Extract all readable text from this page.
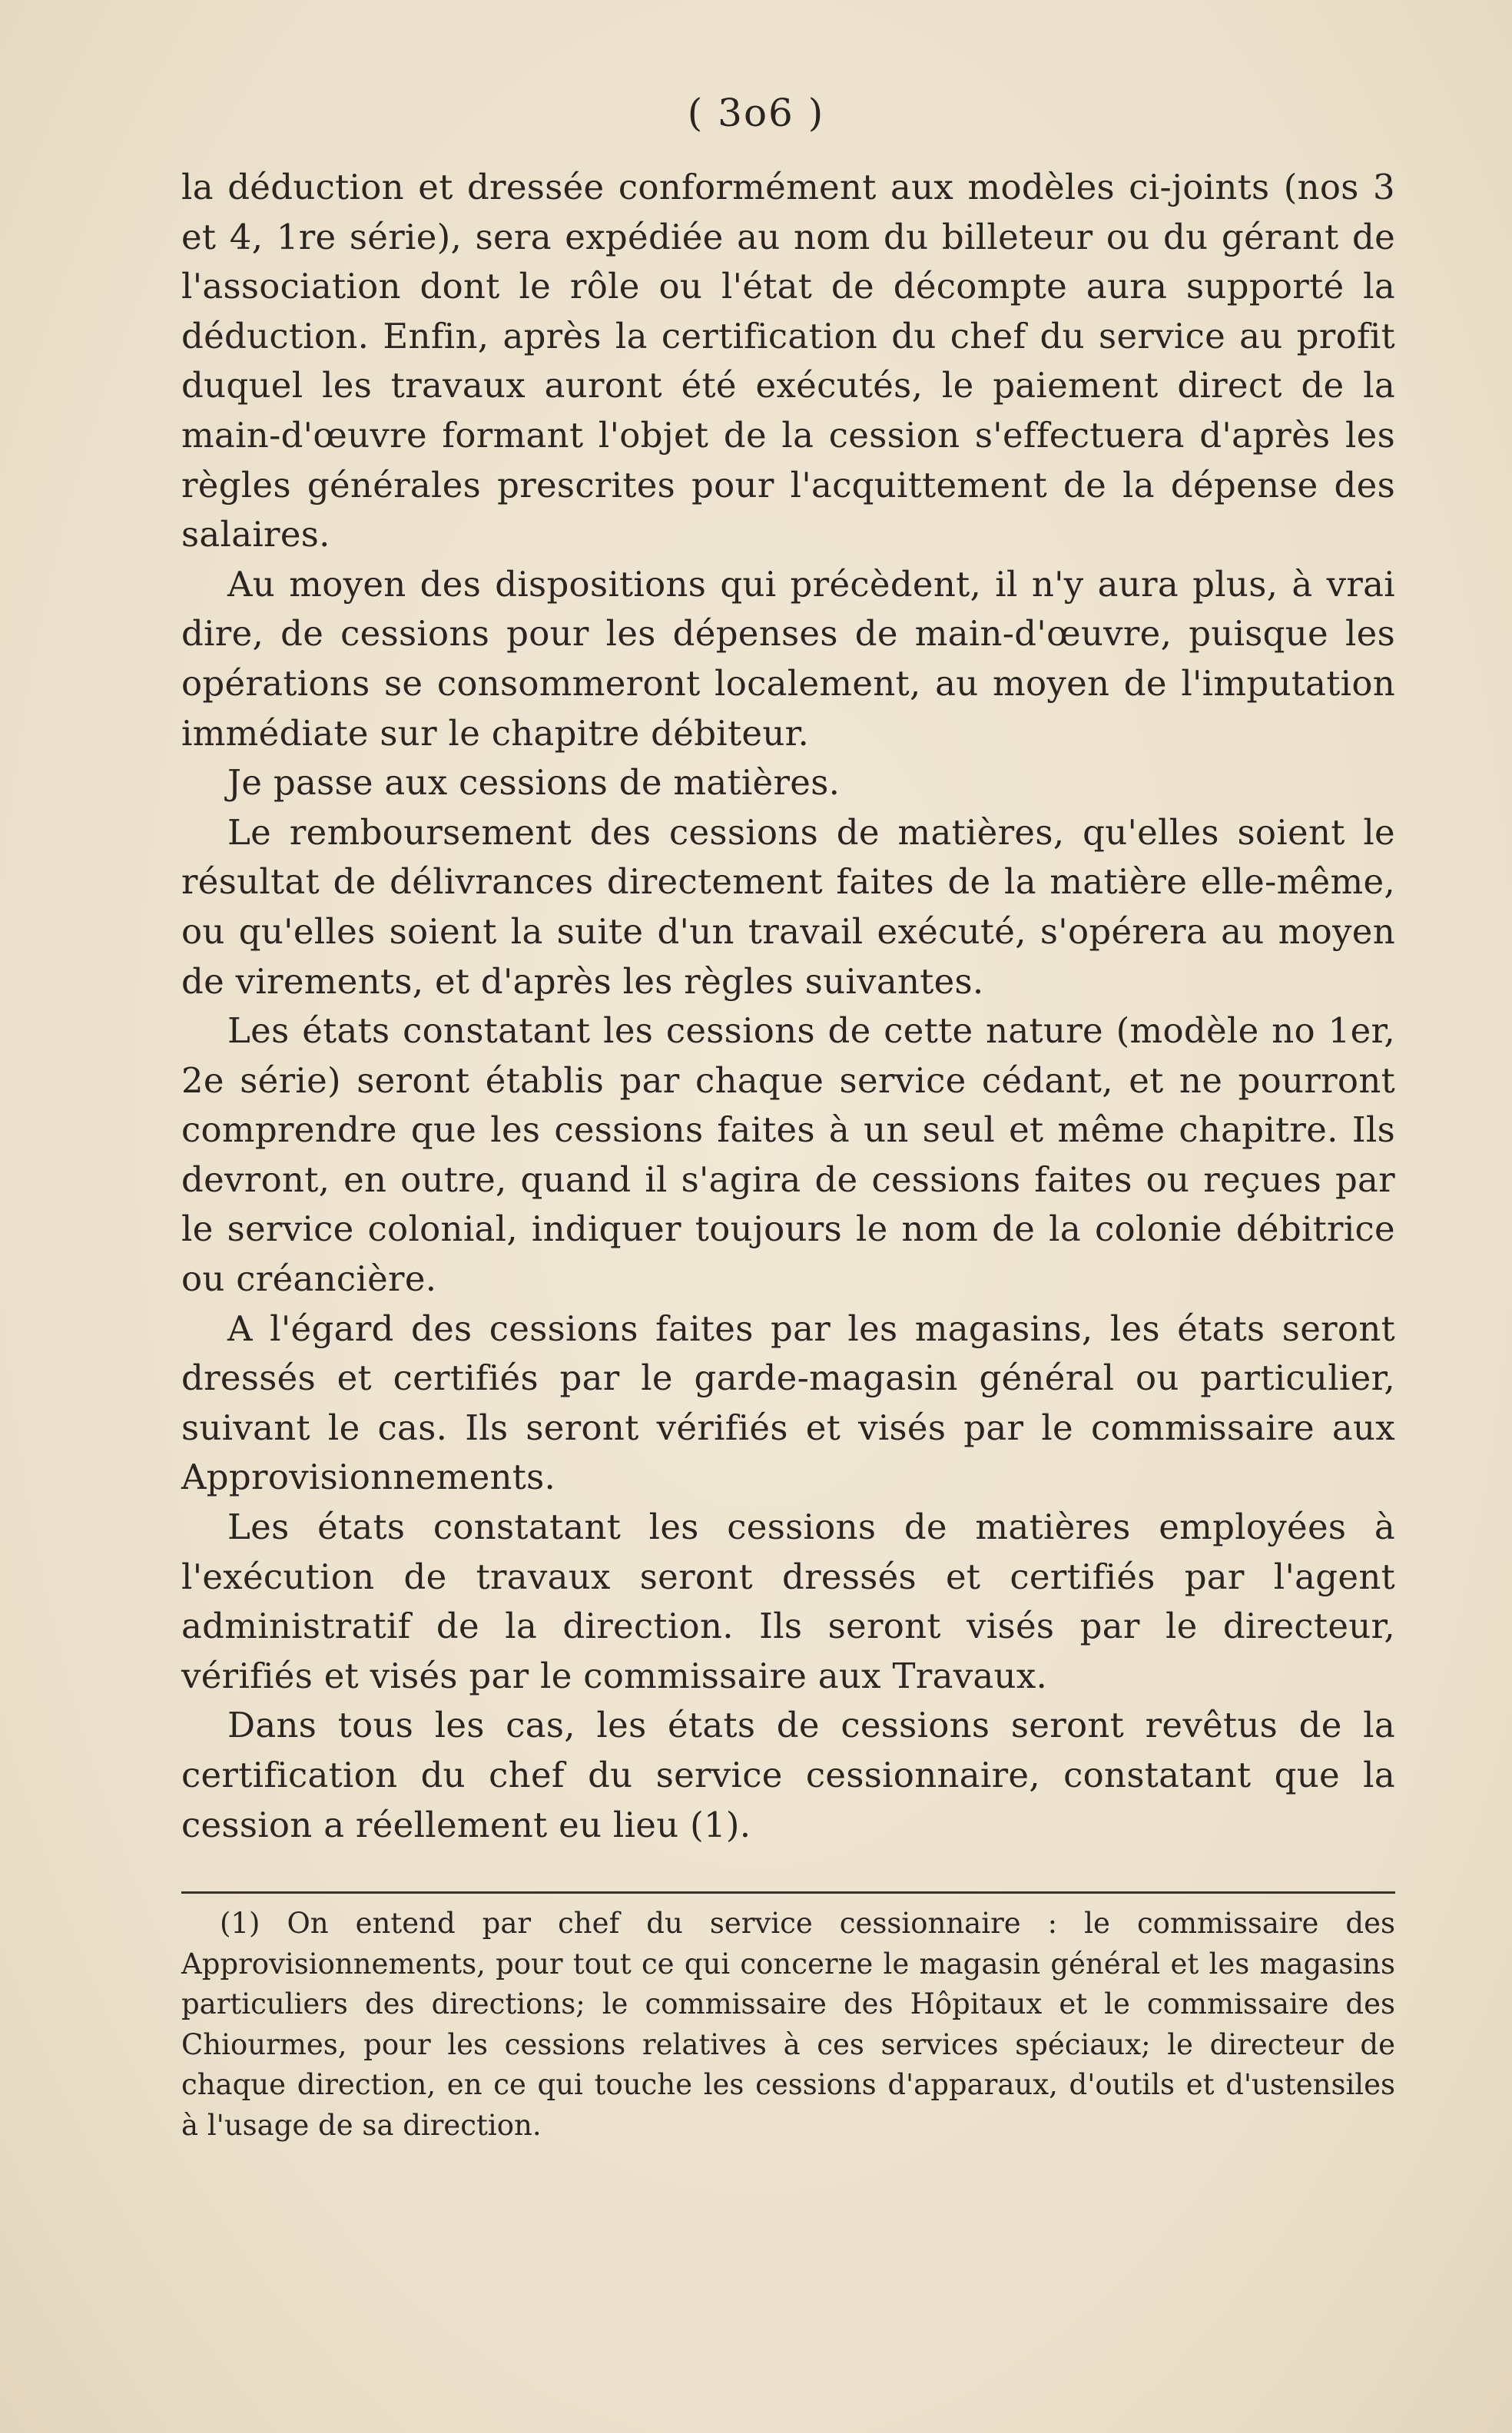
( 3o6 )

la déduction et dressée conformément aux modèles ci-joints (nos 3 et 4, 1re série), sera expédiée au nom du billeteur ou du gérant de l'association dont le rôle ou l'état de décompte aura supporté la déduction. Enfin, après la certification du chef du service au profit duquel les travaux auront été exécutés, le paiement direct de la main-d'œuvre formant l'objet de la cession s'effectuera d'après les règles générales prescrites pour l'acquittement de la dépense des salaires.

Au moyen des dispositions qui précèdent, il n'y aura plus, à vrai dire, de cessions pour les dépenses de main-d'œuvre, puisque les opérations se consommeront localement, au moyen de l'imputation immédiate sur le chapitre débiteur.

Je passe aux cessions de matières.

Le remboursement des cessions de matières, qu'elles soient le résultat de délivrances directement faites de la matière elle-même, ou qu'elles soient la suite d'un travail exécuté, s'opérera au moyen de virements, et d'après les règles suivantes.

Les états constatant les cessions de cette nature (modèle no 1er, 2e série) seront établis par chaque service cédant, et ne pourront comprendre que les cessions faites à un seul et même chapitre. Ils devront, en outre, quand il s'agira de cessions faites ou reçues par le service colonial, indiquer toujours le nom de la colonie débitrice ou créancière.

A l'égard des cessions faites par les magasins, les états seront dressés et certifiés par le garde-magasin général ou particulier, suivant le cas. Ils seront vérifiés et visés par le commissaire aux Approvisionnements.

Les états constatant les cessions de matières employées à l'exécution de travaux seront dressés et certifiés par l'agent administratif de la direction. Ils seront visés par le directeur, vérifiés et visés par le commissaire aux Travaux.

Dans tous les cas, les états de cessions seront revêtus de la certification du chef du service cessionnaire, constatant que la cession a réellement eu lieu (1).

(1) On entend par chef du service cessionnaire : le commissaire des Approvisionnements, pour tout ce qui concerne le magasin général et les magasins particuliers des directions; le commissaire des Hôpitaux et le commissaire des Chiourmes, pour les cessions relatives à ces services spéciaux; le directeur de chaque direction, en ce qui touche les cessions d'apparaux, d'outils et d'ustensiles à l'usage de sa direction.
